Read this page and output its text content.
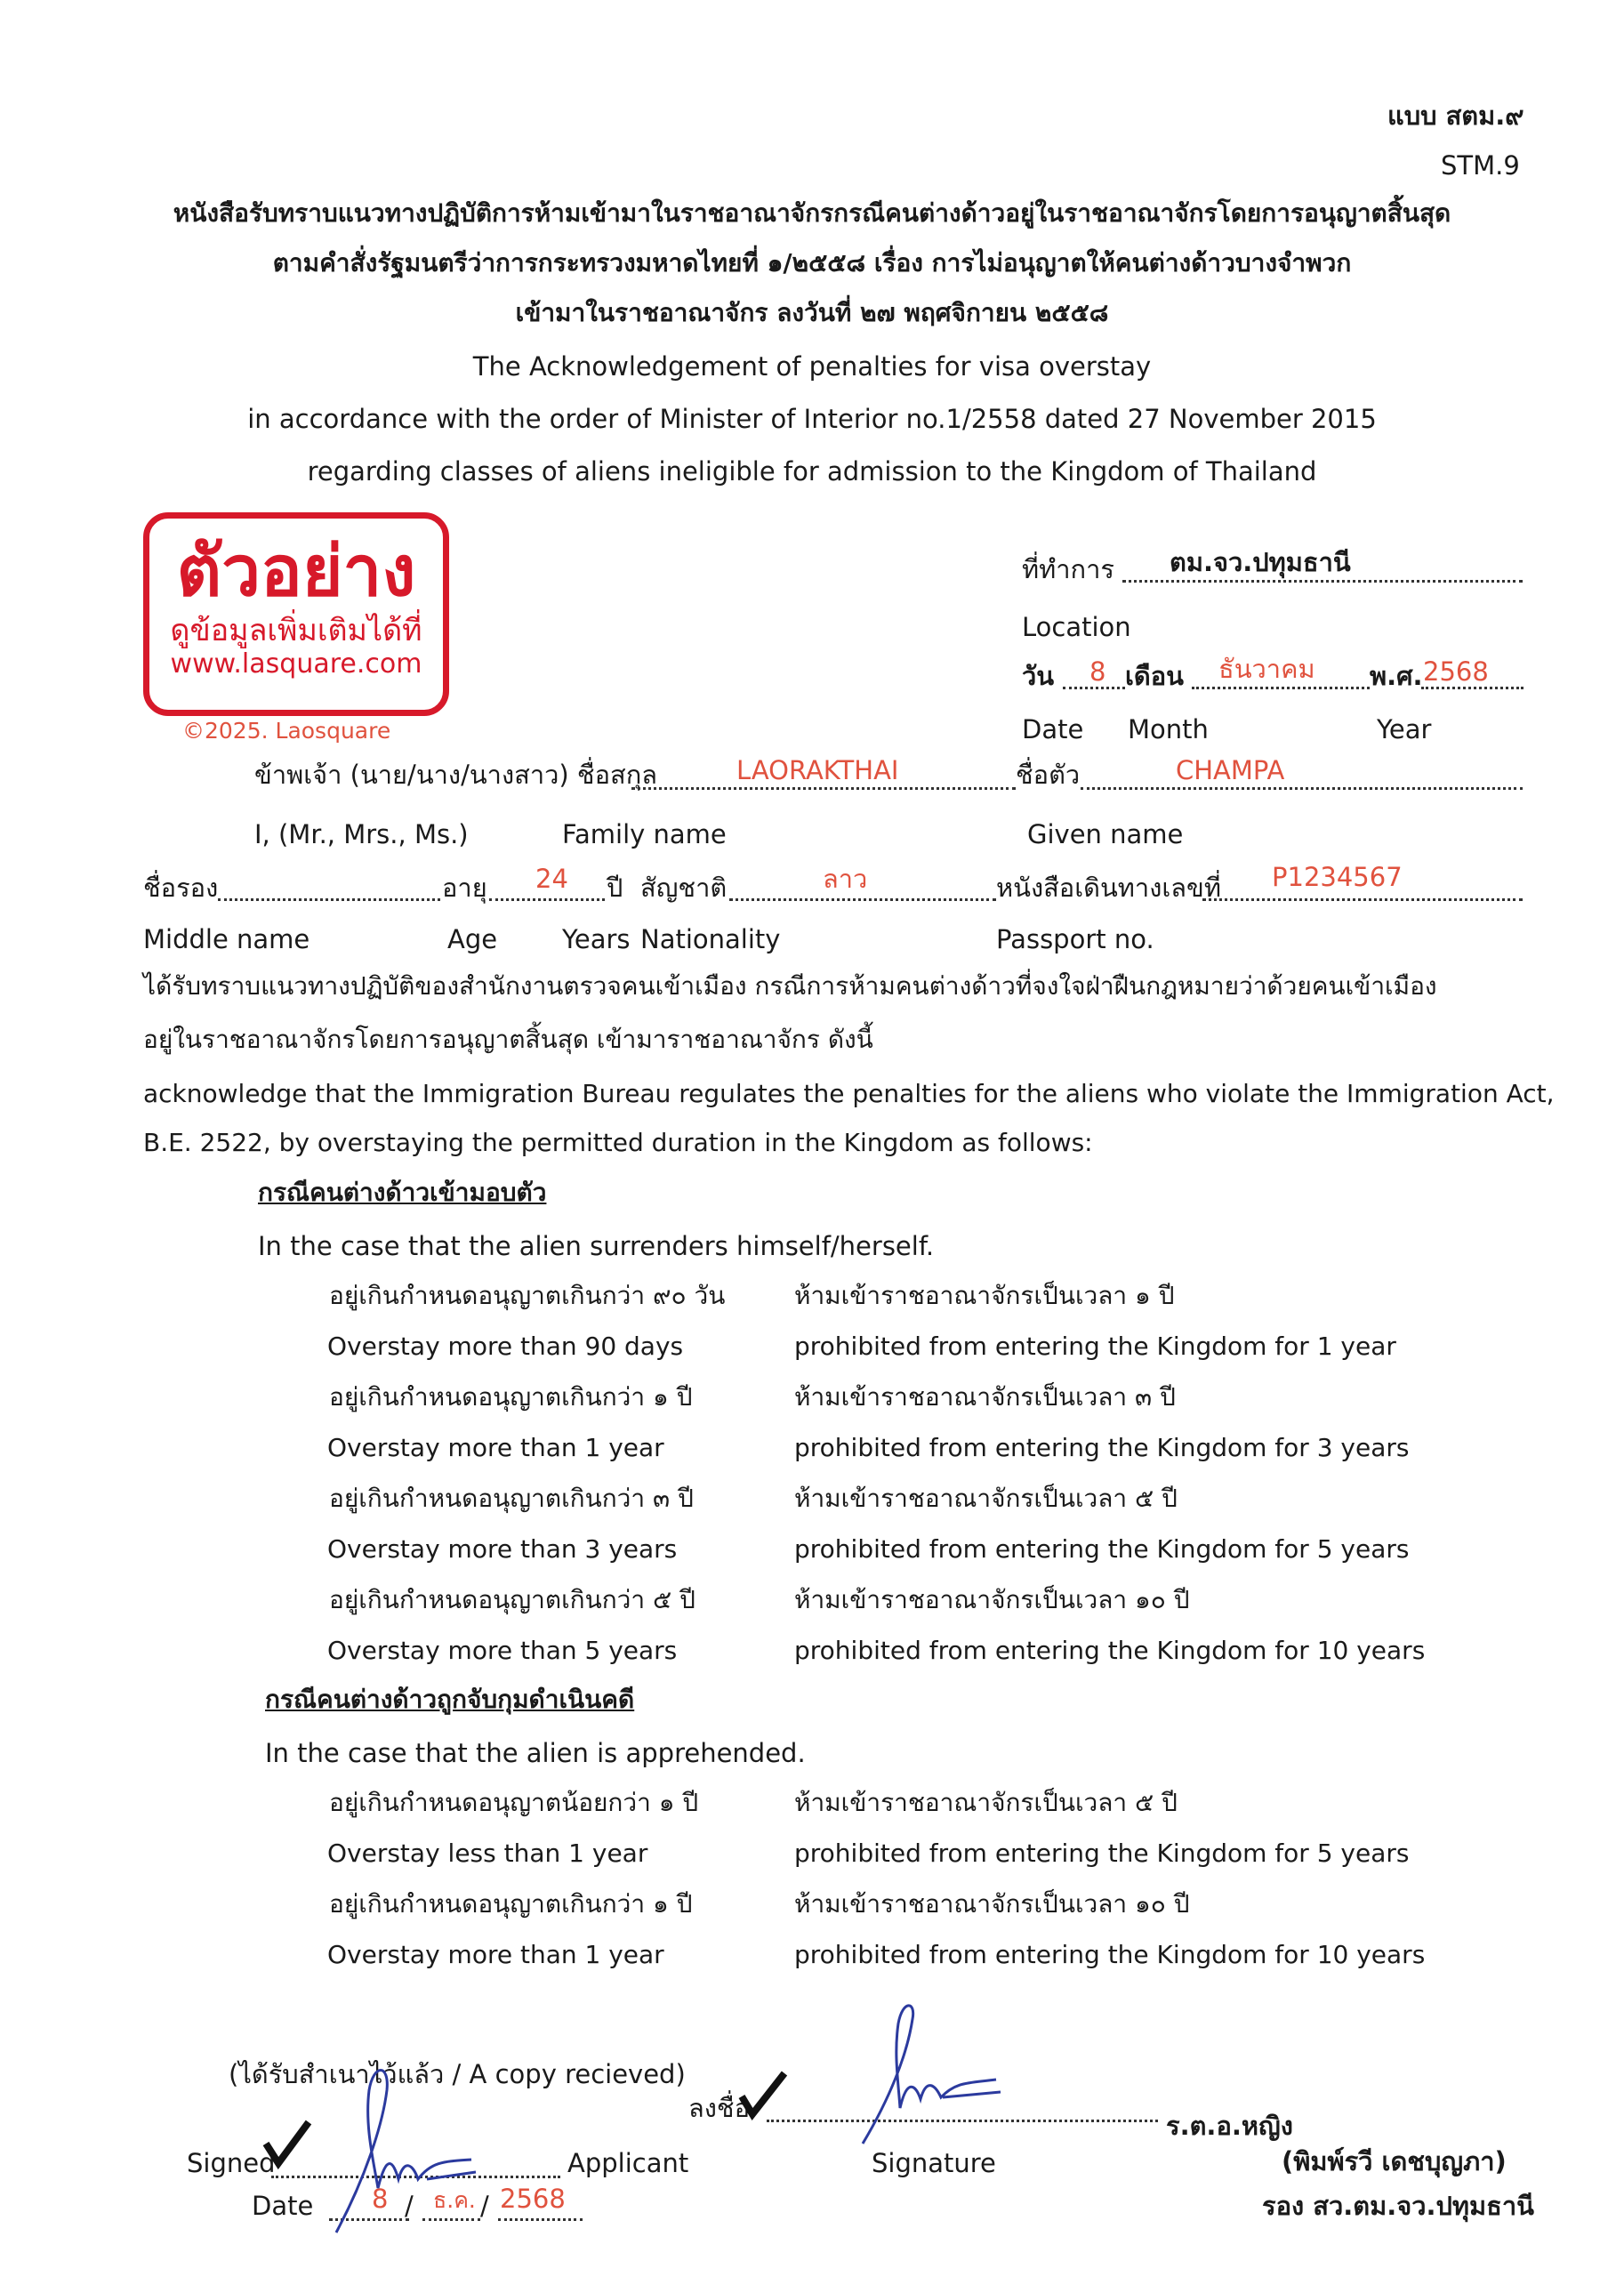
แบบ สตม.๙
STM.9
หนังสือรับทราบแนวทางปฏิบัติการห้ามเข้ามาในราชอาณาจักรกรณีคนต่างด้าวอยู่ในราชอาณาจักรโดยการอนุญาตสิ้นสุด
ตามคำสั่งรัฐมนตรีว่าการกระทรวงมหาดไทยที่ ๑/๒๕๕๘ เรื่อง การไม่อนุญาตให้คนต่างด้าวบางจำพวก
เข้ามาในราชอาณาจักร ลงวันที่ ๒๗ พฤศจิกายน ๒๕๕๘
The Acknowledgement of penalties for visa overstay
in accordance with the order of Minister of Interior no.1/2558 dated 27 November 2015
regarding classes of aliens ineligible for admission to the Kingdom of Thailand
ตัวอย่าง
ดูข้อมูลเพิ่มเติมได้ที่
www.lasquare.com
©2025. Laosquare
ที่ทำการ ตม.จว.ปทุมธานี
Location
วัน 8 เดือน ธันวาคม พ.ศ. 2568
Date Month	Year
ข้าพเจ้า (นาย/นาง/นางสาว) ชื่อสกุล	LAORAKTHAI	ชื่อตัว	CHAMPA
I, (Mr., Mrs., Ms.)	Family name	Given name
ชื่อรอง	อายุ 24 ปี สัญชาติ	ลาว	หนังสือเดินทางเลขที่ P1234567
Middle name	Age	Years Nationality	Passport no.
ได้รับทราบแนวทางปฏิบัติของสำนักงานตรวจคนเข้าเมือง กรณีการห้ามคนต่างด้าวที่จงใจฝ่าฝืนกฎหมายว่าด้วยคนเข้าเมือง
อยู่ในราชอาณาจักรโดยการอนุญาตสิ้นสุด เข้ามาราชอาณาจักร ดังนี้
acknowledge that the Immigration Bureau regulates the penalties for the aliens who violate the Immigration Act,
B.E. 2522, by overstaying the permitted duration in the Kingdom as follows:
กรณีคนต่างด้าวเข้ามอบตัว
In the case that the alien surrenders himself/herself.
อยู่เกินกำหนดอนุญาตเกินกว่า ๙๐ วัน	ห้ามเข้าราชอาณาจักรเป็นเวลา ๑ ปี
Overstay more than 90 days	prohibited from entering the Kingdom for 1 year
อยู่เกินกำหนดอนุญาตเกินกว่า ๑ ปี	ห้ามเข้าราชอาณาจักรเป็นเวลา ๓ ปี
Overstay more than 1 year	prohibited from entering the Kingdom for 3 years
อยู่เกินกำหนดอนุญาตเกินกว่า ๓ ปี	ห้ามเข้าราชอาณาจักรเป็นเวลา ๕ ปี
Overstay more than 3 years	prohibited from entering the Kingdom for 5 years
อยู่เกินกำหนดอนุญาตเกินกว่า ๕ ปี	ห้ามเข้าราชอาณาจักรเป็นเวลา ๑๐ ปี
Overstay more than 5 years	prohibited from entering the Kingdom for 10 years
กรณีคนต่างด้าวถูกจับกุมดำเนินคดี
In the case that the alien is apprehended.
อยู่เกินกำหนดอนุญาตน้อยกว่า ๑ ปี	ห้ามเข้าราชอาณาจักรเป็นเวลา ๕ ปี
Overstay less than 1 year	prohibited from entering the Kingdom for 5 years
อยู่เกินกำหนดอนุญาตเกินกว่า ๑ ปี	ห้ามเข้าราชอาณาจักรเป็นเวลา ๑๐ ปี
Overstay more than 1 year	prohibited from entering the Kingdom for 10 years
(ได้รับสำเนาไว้แล้ว / A copy recieved)
ลงชื่อ
ร.ต.อ.หญิง
Signature	(พิมพ์รวี เดชบุญภา)
รอง สว.ตม.จว.ปทุมธานี
Signed	Applicant
Date 8 / ธ.ค. / 2568
